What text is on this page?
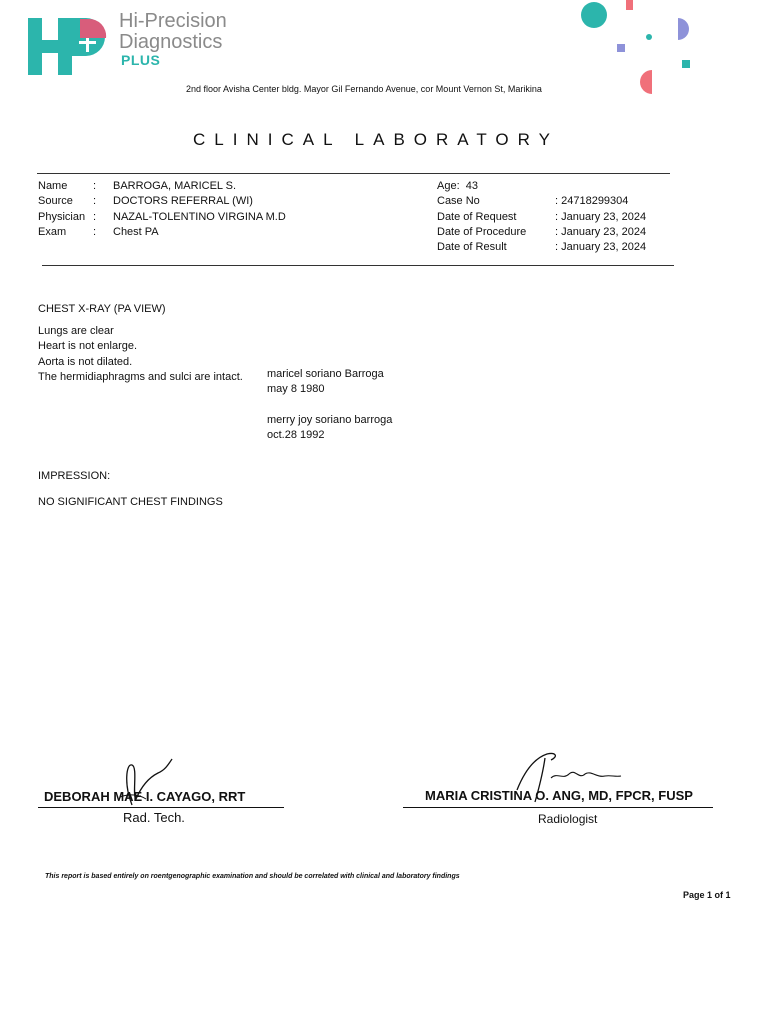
Hi-Precision
Diagnostics
PLUS
2nd floor Avisha Center bldg. Mayor Gil Fernando Avenue, cor Mount Vernon St, Marikina
CLINICAL LABORATORY
Name : BARROGA, MARICEL S.
Source : DOCTORS REFERRAL (WI)
Physician : NAZAL-TOLENTINO VIRGINA M.D
Exam : Chest PA
Age: 43
Case No	: 24718299304
Date of Request	: January 23, 2024
Date of Procedure	: January 23, 2024
Date of Result	: January 23, 2024
CHEST X-RAY (PA VIEW)
Lungs are clear
Heart is not enlarge.
Aorta is not dilated.
The hermidiaphragms and sulci are intact. maricel soriano Barroga
may 8 1980
merry joy soriano barroga
oct.28 1992
IMPRESSION:
NO SIGNIFICANT CHEST FINDINGS
DEBORAH MAE I. CAYAGO, RRT
Rad. Tech.
MARIA CRISTINA O. ANG, MD, FPCR, FUSP
Radiologist
This report is based entirely on roentgenographic examination and should be correlated with clinical and laboratory findings
Page 1 of 1
